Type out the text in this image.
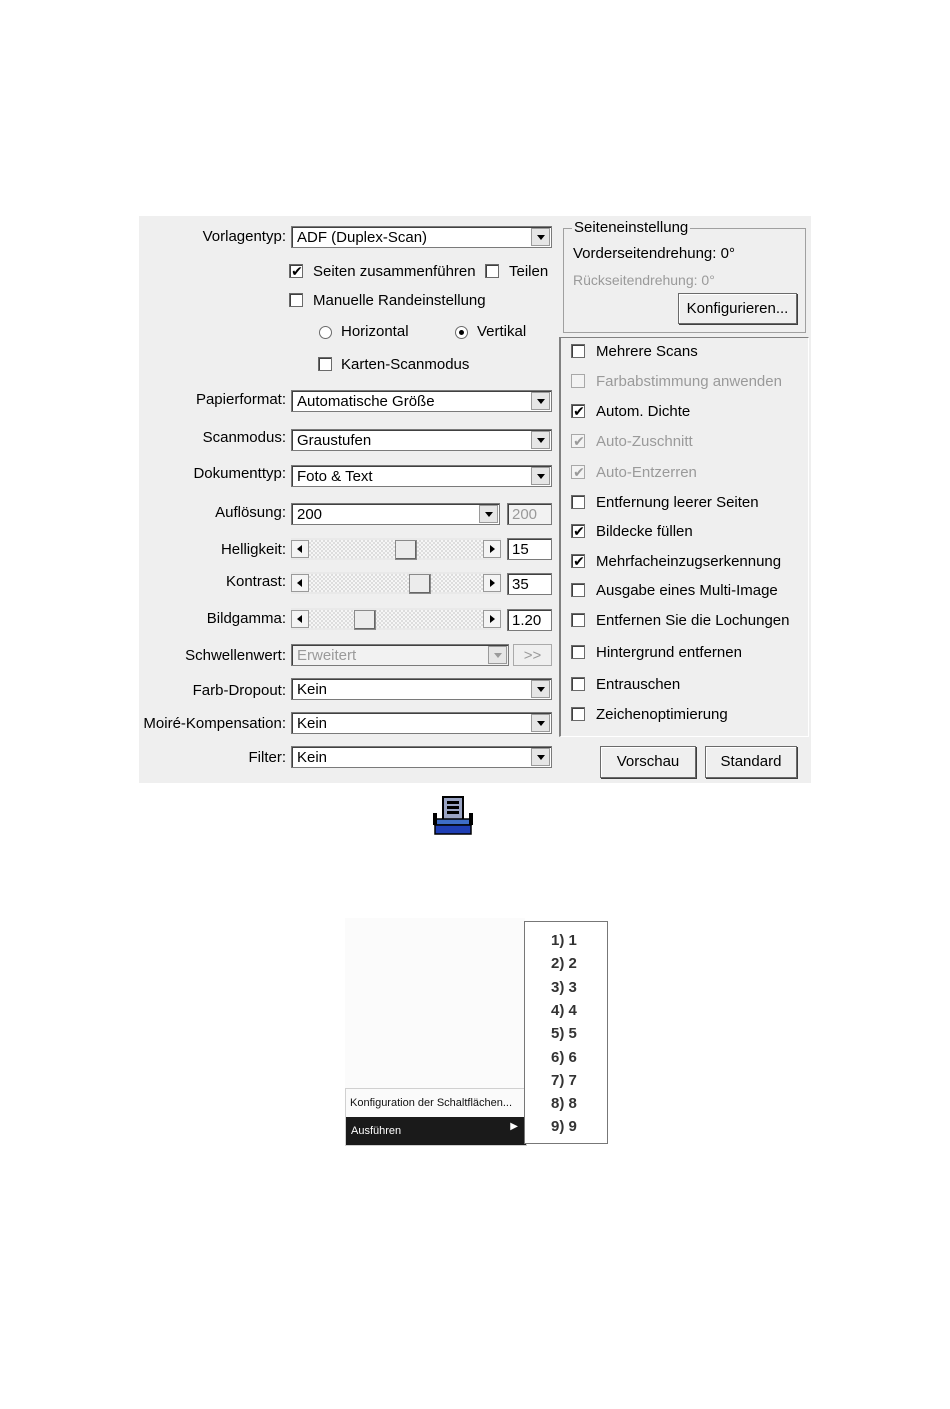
Vorlagentyp: ADF (Duplex-Scan)
✔ Seiten zusammenführen Teilen
Manuelle Randeinstellung
Horizontal	Vertikal
Karten-Scanmodus
Papierformat: Automatische Größe
Scanmodus: Graustufen
Dokumenttyp: Foto & Text
Auflösung: 200	200
Helligkeit:	15
Kontrast:	35
Bildgamma:	1.20
Schwellenwert: Erweitert	>>
Farb-Dropout: Kein
Moiré-Kompensation: Kein
Filter: Kein
Seiteneinstellung
Vorderseitendrehung: 0°
Rückseitendrehung: 0°
Konfigurieren...
Mehrere Scans
Farbabstimmung anwenden
✔ Autom. Dichte
✔ Auto-Zuschnitt
✔ Auto-Entzerren
Entfernung leerer Seiten
✔ Bildecke füllen
✔ Mehrfacheinzugserkennung
Ausgabe eines Multi-Image
Entfernen Sie die Lochungen
Hintergrund entfernen
Entrauschen
Zeichenoptimierung
Vorschau	Standard
Konfiguration der Schaltflächen...
Ausführen	▶
1) 1
2) 2
3) 3
4) 4
5) 5
6) 6
7) 7
8) 8
9) 9
